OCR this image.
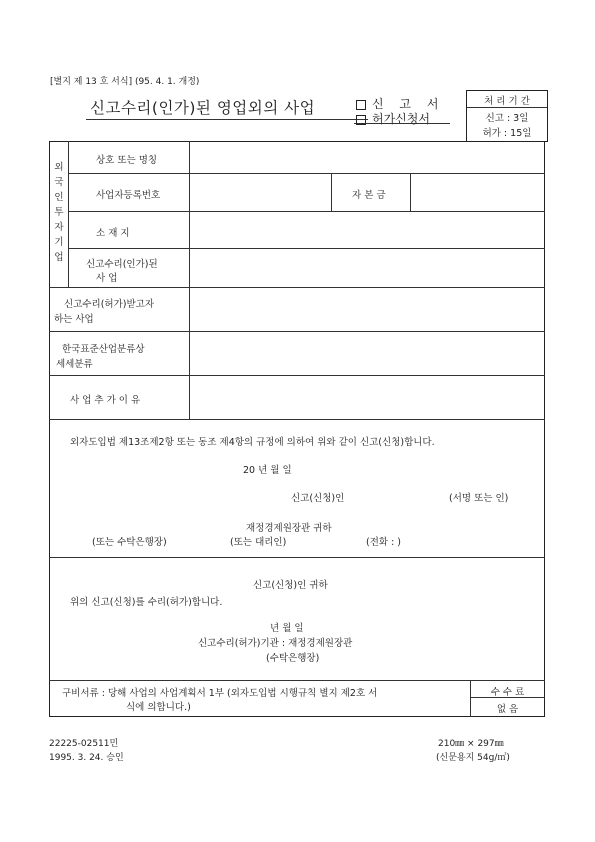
[별지 제 13 호 서식] (95. 4. 1. 개정)
신고수리(인가)된 영업외의 사업	신 고 서
허가신청서
처 리 기 간
신고 : 3일
허가 : 15일
외
국
인
투
자
기
업
상호 또는 명칭
사업자등록번호	자 본 금
소 재 지
신고수리(인가)된
사 업
신고수리(허가)받고자
하는 사업
한국표준산업분류상
세세분류
사 업 추 가 이 유
외자도입법 제13조제2항 또는 동조 제4항의 규정에 의하여 위와 같이 신고(신청)합니다.
20 년 월 일
신고(신청)인	(서명 또는 인)
재정경제원장관 귀하
(또는 수탁은행장)	(또는 대리인)	(전화 : )
신고(신청)인 귀하
위의 신고(신청)를 수리(허가)합니다.
년 월 일
신고수리(허가)기관 : 재정경제원장관
(수탁은행장)
구비서류 : 당해 사업의 사업계획서 1부 (외자도입법 시행규칙 별지 제2호 서
식에 의합니다.)
수 수 료
없 음
22225-02511민
1995. 3. 24. 승인
210㎜ × 297㎜
(신문용지 54g/㎡)
